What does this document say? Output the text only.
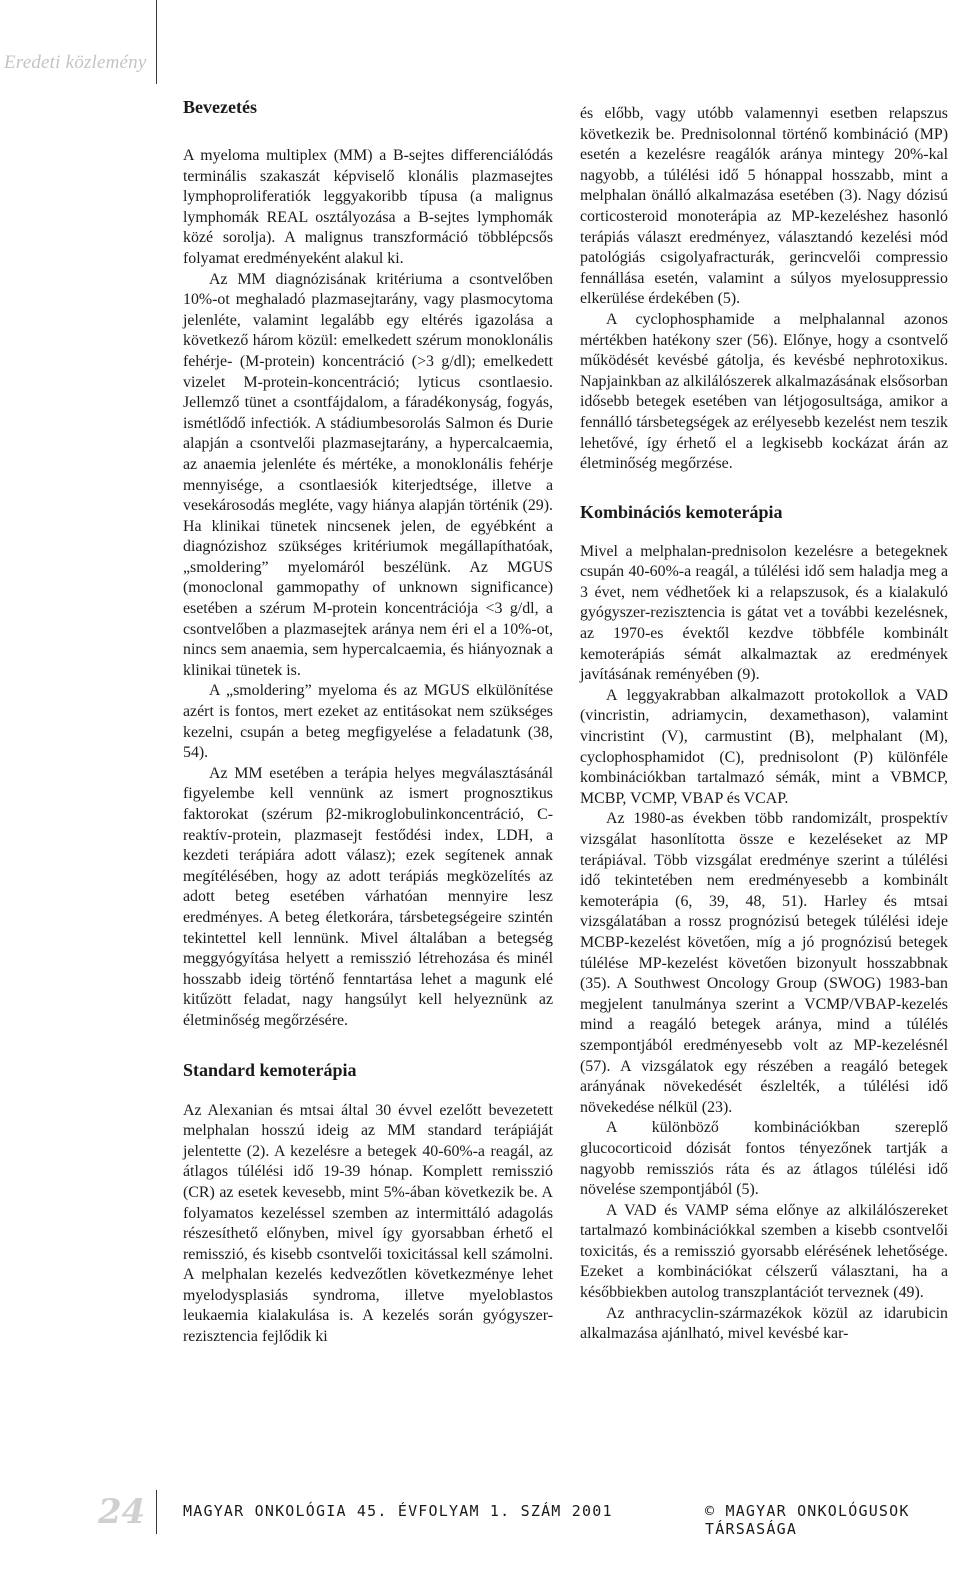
Eredeti közlemény
Bevezetés

A myeloma multiplex (MM) a B-sejtes differenciálódás terminális szakaszát képviselő klonális plazmasejtes lymphoproliferatiók leggyakoribb típusa (a malignus lymphomák REAL osztályozása a B-sejtes lymphomák közé sorolja). A malignus transzformáció többlépcsős folyamat eredményeként alakul ki.

Az MM diagnózisának kritériuma a csontvelőben 10%-ot meghaladó plazmasejtarány, vagy plasmocytoma jelenléte, valamint legalább egy eltérés igazolása a következő három közül: emelkedett szérum monoklonális fehérje- (M-protein) koncentráció (>3 g/dl); emelkedett vizelet M-protein-koncentráció; lyticus csontlaesio. Jellemző tünet a csontfájdalom, a fáradékonyság, fogyás, ismétlődő infectiók. A stádiumbesorolás Salmon és Durie alapján a csontvelői plazmasejtarány, a hypercalcaemia, az anaemia jelenléte és mértéke, a monoklonális fehérje mennyisége, a csontlaesiók kiterjedtsége, illetve a vesekárosodás megléte, vagy hiánya alapján történik (29). Ha klinikai tünetek nincsenek jelen, de egyébként a diagnózishoz szükséges kritériumok megállapíthatóak, „smoldering” myelomáról beszélünk. Az MGUS (monoclonal gammopathy of unknown significance) esetében a szérum M-protein koncentrációja <3 g/dl, a csontvelőben a plazmasejtek aránya nem éri el a 10%-ot, nincs sem anaemia, sem hypercalcaemia, és hiányoznak a klinikai tünetek is.

A „smoldering” myeloma és az MGUS elkülönítése azért is fontos, mert ezeket az entitásokat nem szükséges kezelni, csupán a beteg megfigyelése a feladatunk (38, 54).

Az MM esetében a terápia helyes megválasztásánál figyelembe kell vennünk az ismert prognosztikus faktorokat (szérum β2-mikroglobulinkoncentráció, C-reaktív-protein, plazmasejt festődési index, LDH, a kezdeti terápiára adott válasz); ezek segítenek annak megítélésében, hogy az adott terápiás megközelítés az adott beteg esetében várhatóan mennyire lesz eredményes. A beteg életkorára, társbetegségeire szintén tekintettel kell lennünk. Mivel általában a betegség meggyógyítása helyett a remisszió létrehozása és minél hosszabb ideig történő fenntartása lehet a magunk elé kitűzött feladat, nagy hangsúlyt kell helyeznünk az életminőség megőrzésére.

Standard kemoterápia

Az Alexanian és mtsai által 30 évvel ezelőtt bevezetett melphalan hosszú ideig az MM standard terápiáját jelentette (2). A kezelésre a betegek 40-60%-a reagál, az átlagos túlélési idő 19-39 hónap. Komplett remisszió (CR) az esetek kevesebb, mint 5%-ában következik be. A folyamatos kezeléssel szemben az intermittáló adagolás részesíthető előnyben, mivel így gyorsabban érhető el remisszió, és kisebb csontvelői toxicitással kell számolni. A melphalan kezelés kedvezőtlen következménye lehet myelodysplasiás syndroma, illetve myeloblastos leukaemia kialakulása is. A kezelés során gyógyszer-rezisztencia fejlődik ki

és előbb, vagy utóbb valamennyi esetben relapszus következik be. Prednisolonnal történő kombináció (MP) esetén a kezelésre reagálók aránya mintegy 20%-kal nagyobb, a túlélési idő 5 hónappal hosszabb, mint a melphalan önálló alkalmazása esetében (3). Nagy dózisú corticosteroid monoterápia az MP-kezeléshez hasonló terápiás választ eredményez, választandó kezelési mód patológiás csigolyafracturák, gerincvelői compressio fennállása esetén, valamint a súlyos myelosuppressio elkerülése érdekében (5).

A cyclophosphamide a melphalannal azonos mértékben hatékony szer (56). Előnye, hogy a csontvelő működését kevésbé gátolja, és kevésbé nephrotoxikus. Napjainkban az alkilálószerek alkalmazásának elsősorban idősebb betegek esetében van létjogosultsága, amikor a fennálló társbetegségek az erélyesebb kezelést nem teszik lehetővé, így érhető el a legkisebb kockázat árán az életminőség megőrzése.

Kombinációs kemoterápia

Mivel a melphalan-prednisolon kezelésre a betegeknek csupán 40-60%-a reagál, a túlélési idő sem haladja meg a 3 évet, nem védhetőek ki a relapszusok, és a kialakuló gyógyszer-rezisztencia is gátat vet a további kezelésnek, az 1970-es évektől kezdve többféle kombinált kemoterápiás sémát alkalmaztak az eredmények javításának reményében (9).

A leggyakrabban alkalmazott protokollok a VAD (vincristin, adriamycin, dexamethason), valamint vincristint (V), carmustint (B), melphalant (M), cyclophosphamidot (C), prednisolont (P) különféle kombinációkban tartalmazó sémák, mint a VBMCP, MCBP, VCMP, VBAP és VCAP.

Az 1980-as években több randomizált, prospektív vizsgálat hasonlította össze e kezeléseket az MP terápiával. Több vizsgálat eredménye szerint a túlélési idő tekintetében nem eredményesebb a kombinált kemoterápia (6, 39, 48, 51). Harley és mtsai vizsgálatában a rossz prognózisú betegek túlélési ideje MCBP-kezelést követően, míg a jó prognózisú betegek túlélése MP-kezelést követően bizonyult hosszabbnak (35). A Southwest Oncology Group (SWOG) 1983-ban megjelent tanulmánya szerint a VCMP/VBAP-kezelés mind a reagáló betegek aránya, mind a túlélés szempontjából eredményesebb volt az MP-kezelésnél (57). A vizsgálatok egy részében a reagáló betegek arányának növekedését észlelték, a túlélési idő növekedése nélkül (23).

A különböző kombinációkban szereplő glucocorticoid dózisát fontos tényezőnek tartják a nagyobb remissziós ráta és az átlagos túlélési idő növelése szempontjából (5).

A VAD és VAMP séma előnye az alkilálószereket tartalmazó kombinációkkal szemben a kisebb csontvelői toxicitás, és a remisszió gyorsabb elérésének lehetősége. Ezeket a kombinációkat célszerű választani, ha a későbbiekben autolog transzplantációt terveznek (49).

Az anthracyclin-származékok közül az idarubicin alkalmazása ajánlható, mivel kevésbé kar-

24	MAGYAR ONKOLÓGIA 45. ÉVFOLYAM 1. SZÁM 2001	© MAGYAR ONKOLÓGUSOK TÁRSASÁGA
